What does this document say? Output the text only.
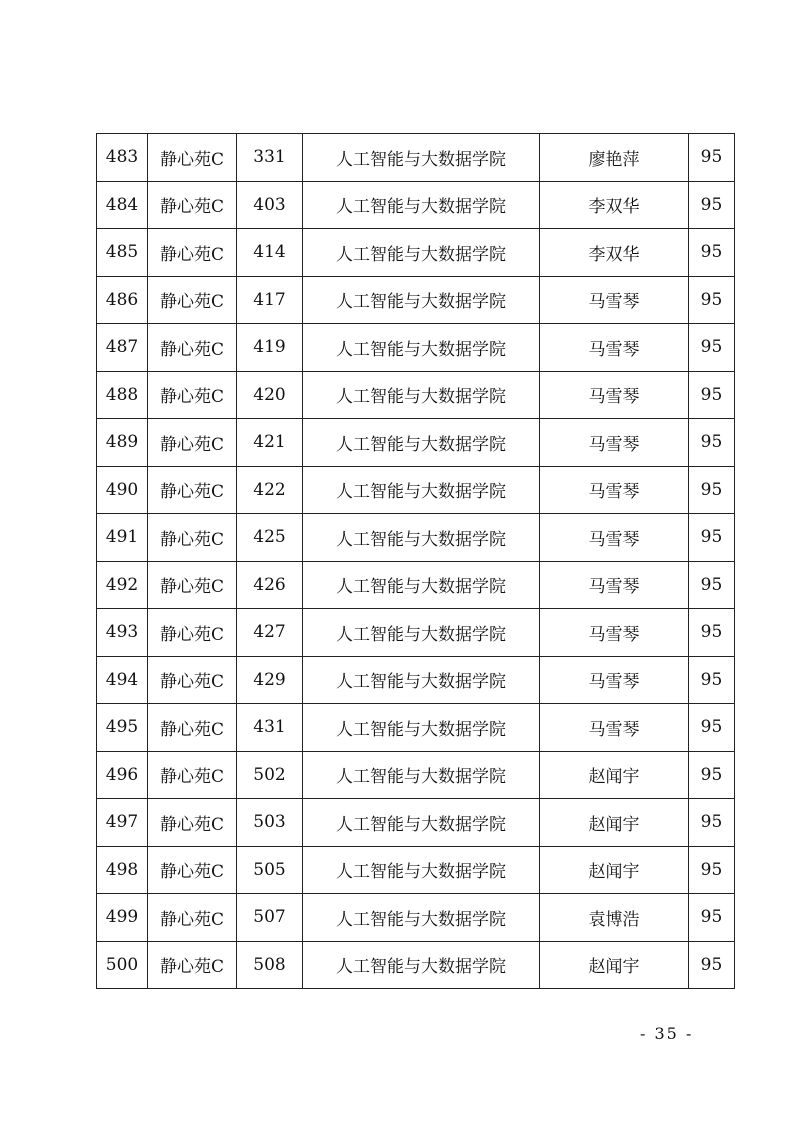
483	静心苑C	331	人工智能与大数据学院	廖艳萍	95
484	静心苑C	403	人工智能与大数据学院	李双华	95
485	静心苑C	414	人工智能与大数据学院	李双华	95
486	静心苑C	417	人工智能与大数据学院	马雪琴	95
487	静心苑C	419	人工智能与大数据学院	马雪琴	95
488	静心苑C	420	人工智能与大数据学院	马雪琴	95
489	静心苑C	421	人工智能与大数据学院	马雪琴	95
490	静心苑C	422	人工智能与大数据学院	马雪琴	95
491	静心苑C	425	人工智能与大数据学院	马雪琴	95
492	静心苑C	426	人工智能与大数据学院	马雪琴	95
493	静心苑C	427	人工智能与大数据学院	马雪琴	95
494	静心苑C	429	人工智能与大数据学院	马雪琴	95
495	静心苑C	431	人工智能与大数据学院	马雪琴	95
496	静心苑C	502	人工智能与大数据学院	赵闻宇	95
497	静心苑C	503	人工智能与大数据学院	赵闻宇	95
498	静心苑C	505	人工智能与大数据学院	赵闻宇	95
499	静心苑C	507	人工智能与大数据学院	袁博浩	95
500	静心苑C	508	人工智能与大数据学院	赵闻宇	95
- 35 -
